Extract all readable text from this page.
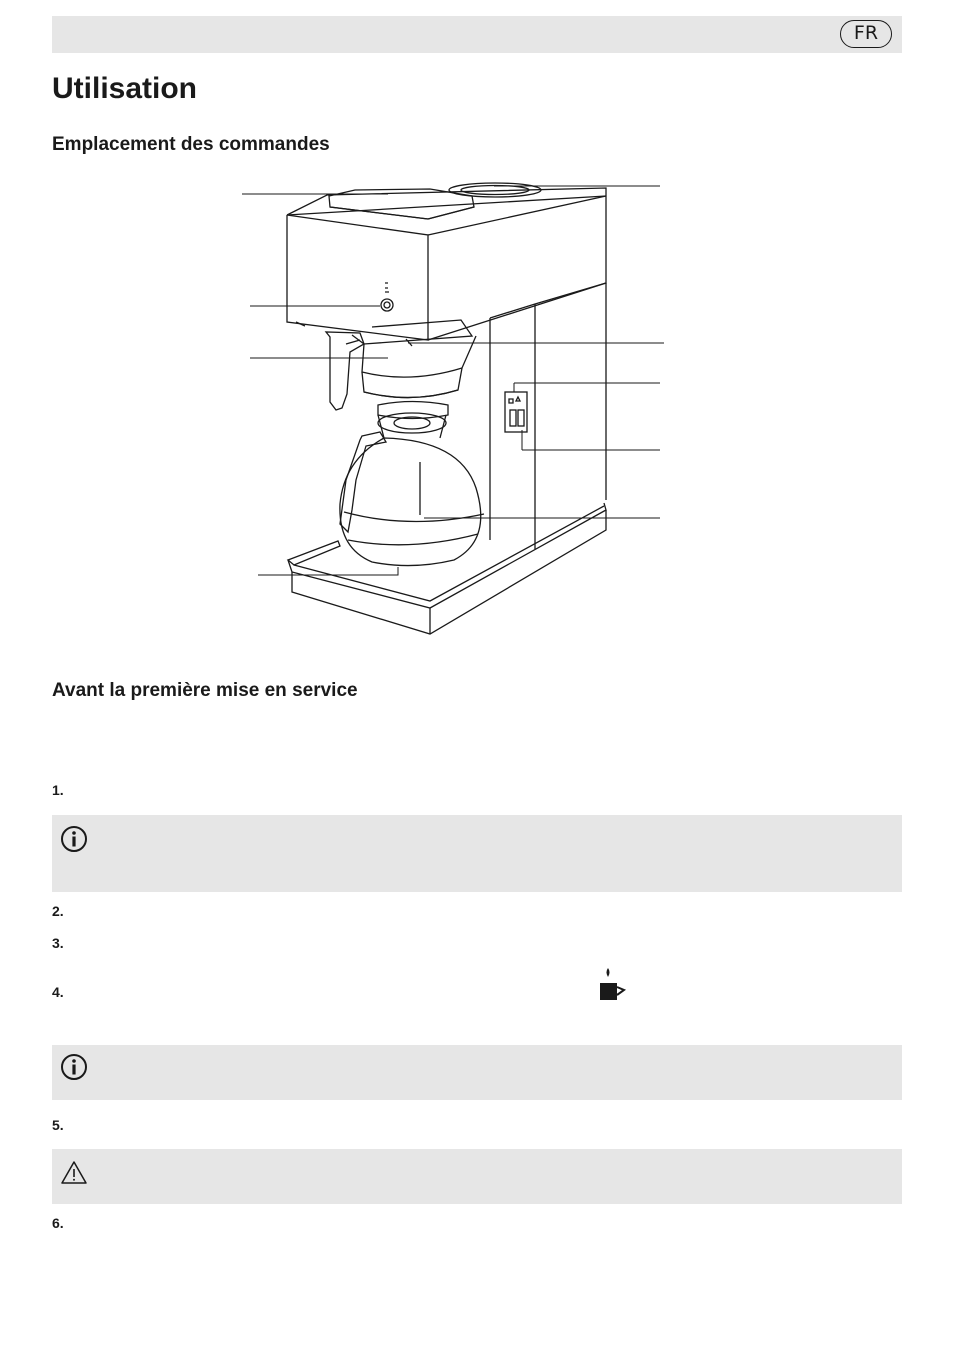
FR
Utilisation
Emplacement des commandes
Avant la première mise en service
1.
2.
3.
4.
5.
6.
